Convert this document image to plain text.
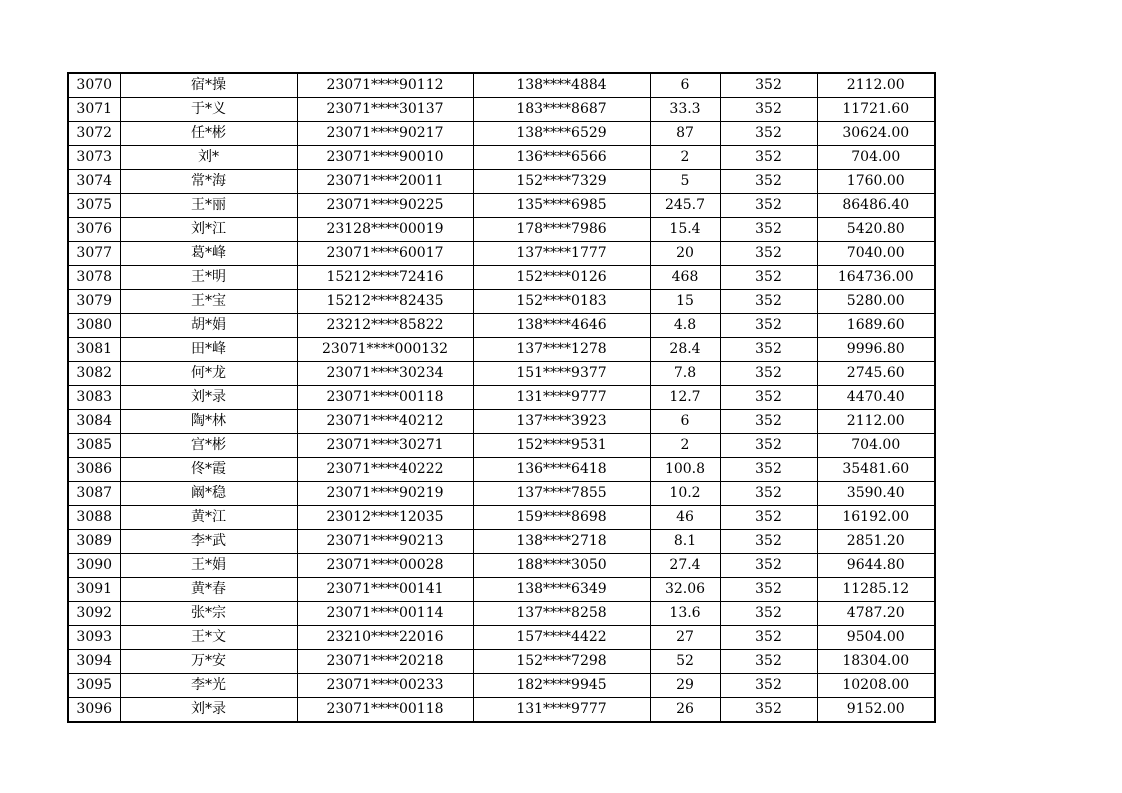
3070	宿*操	23071****90112	138****4884	6	352	2112.00
3071	于*义	23071****30137	183****8687	33.3	352	11721.60
3072	任*彬	23071****90217	138****6529	87	352	30624.00
3073	刘*	23071****90010	136****6566	2	352	704.00
3074	常*海	23071****20011	152****7329	5	352	1760.00
3075	王*丽	23071****90225	135****6985	245.7	352	86486.40
3076	刘*江	23128****00019	178****7986	15.4	352	5420.80
3077	葛*峰	23071****60017	137****1777	20	352	7040.00
3078	王*明	15212****72416	152****0126	468	352	164736.00
3079	王*宝	15212****82435	152****0183	15	352	5280.00
3080	胡*娟	23212****85822	138****4646	4.8	352	1689.60
3081	田*峰	23071****000132	137****1278	28.4	352	9996.80
3082	何*龙	23071****30234	151****9377	7.8	352	2745.60
3083	刘*录	23071****00118	131****9777	12.7	352	4470.40
3084	陶*林	23071****40212	137****3923	6	352	2112.00
3085	宫*彬	23071****30271	152****9531	2	352	704.00
3086	佟*霞	23071****40222	136****6418	100.8	352	35481.60
3087	阚*稳	23071****90219	137****7855	10.2	352	3590.40
3088	黄*江	23012****12035	159****8698	46	352	16192.00
3089	李*武	23071****90213	138****2718	8.1	352	2851.20
3090	王*娟	23071****00028	188****3050	27.4	352	9644.80
3091	黄*春	23071****00141	138****6349	32.06	352	11285.12
3092	张*宗	23071****00114	137****8258	13.6	352	4787.20
3093	王*文	23210****22016	157****4422	27	352	9504.00
3094	万*安	23071****20218	152****7298	52	352	18304.00
3095	李*光	23071****00233	182****9945	29	352	10208.00
3096	刘*录	23071****00118	131****9777	26	352	9152.00
